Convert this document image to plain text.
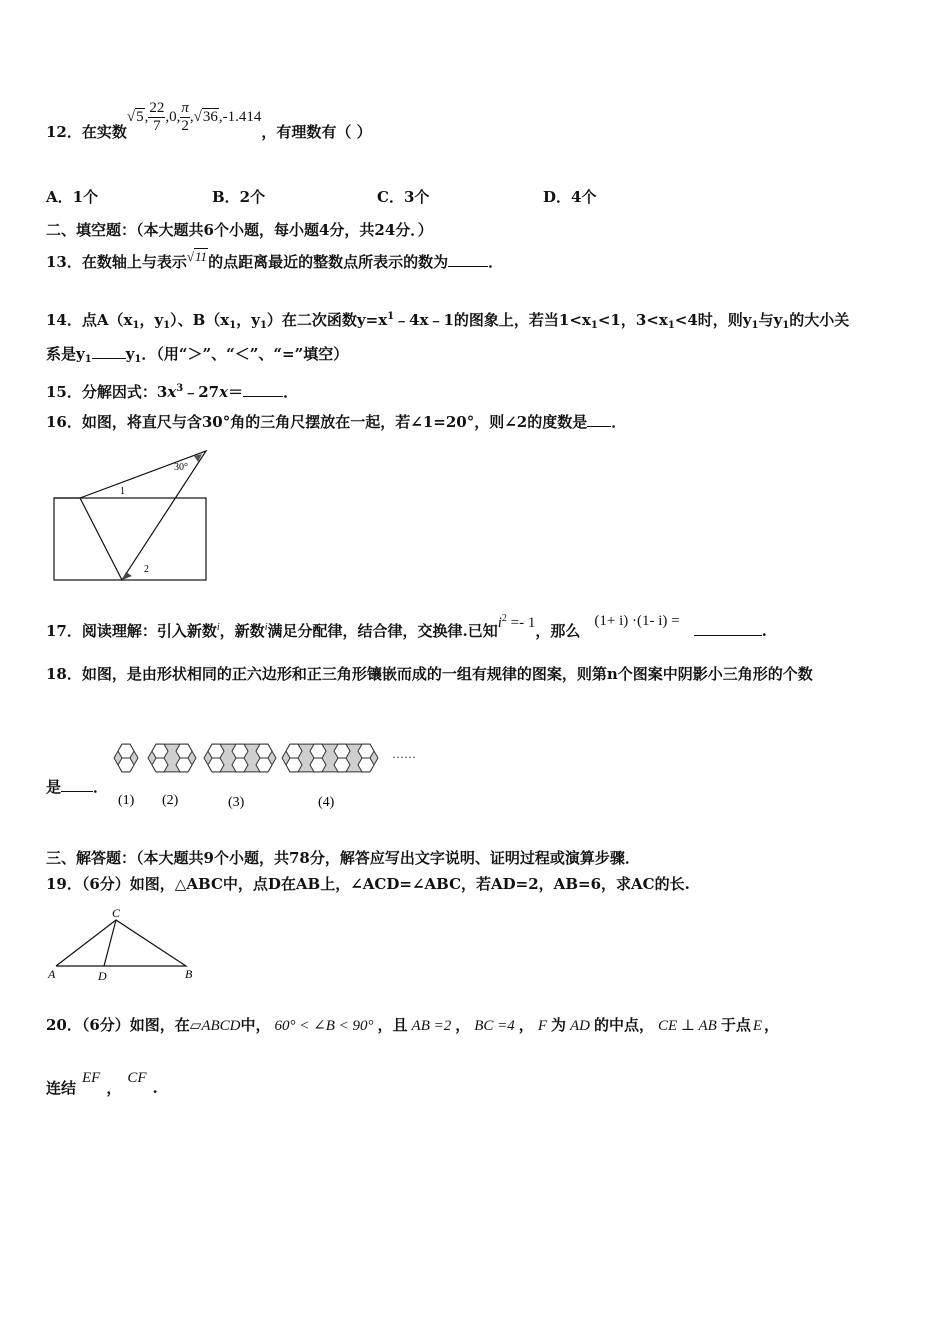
12．在实数√5, $\frac{22}{7} ,0$, $\frac{\pi}{2} ,√36,-1.414$，有理数有（ ）
A．1个	B．2个	C．3个	D．4个
二、填空题：（本大题共6个小题，每小题4分，共24分．）
13．在数轴上与表示√11的点距离最近的整数点所表示的数为	．
14．点$A(x_1$，$y_1$）、$B(x_1$，$y_1$）在二次函数$y=x^1﹣4x﹣1$的图象上，若当$1<x_1<1$，$3<x_1<4$时，则$y_1$与$y_1$的大小关
系是$y_1$ $y_1$．（用“＞”、“＜”、“=”填空）
15．分解因式：$3x^3﹣27x=$	．
16．如图，将直尺与含30°角的三角尺摆放在一起，若∠1=20°，则∠2的度数是 ．
30°
1
2
17．阅读理解：引入新数$^i$，新数$^i$满足分配律，结合律，交换律.已知$i^2 =- 1$，那么(1+ i) ·(1- i) =.
18．如图，是由形状相同的正六边形和正三角形镶嵌而成的一组有规律的图案，则第n个图案中阴影小三角形的个数
是 ．
(1) (2)	(3)	(4)
……
三、解答题：（本大题共9个小题，共78分，解答应写出文字说明、证明过程或演算步骤．
19．（6分）如图，△ABC中，点D在AB上，∠ACD=∠ABC，若AD=2，AB=6，求AC的长.
C
A	D	B
20．（6分）如图，在▱ABCD中， 60° < ∠B < 90° ，且 AB =2 ， BC =4 ， F 为 AD 的中点， CE ⊥ AB 于点 E ，
连结EF，CF.
